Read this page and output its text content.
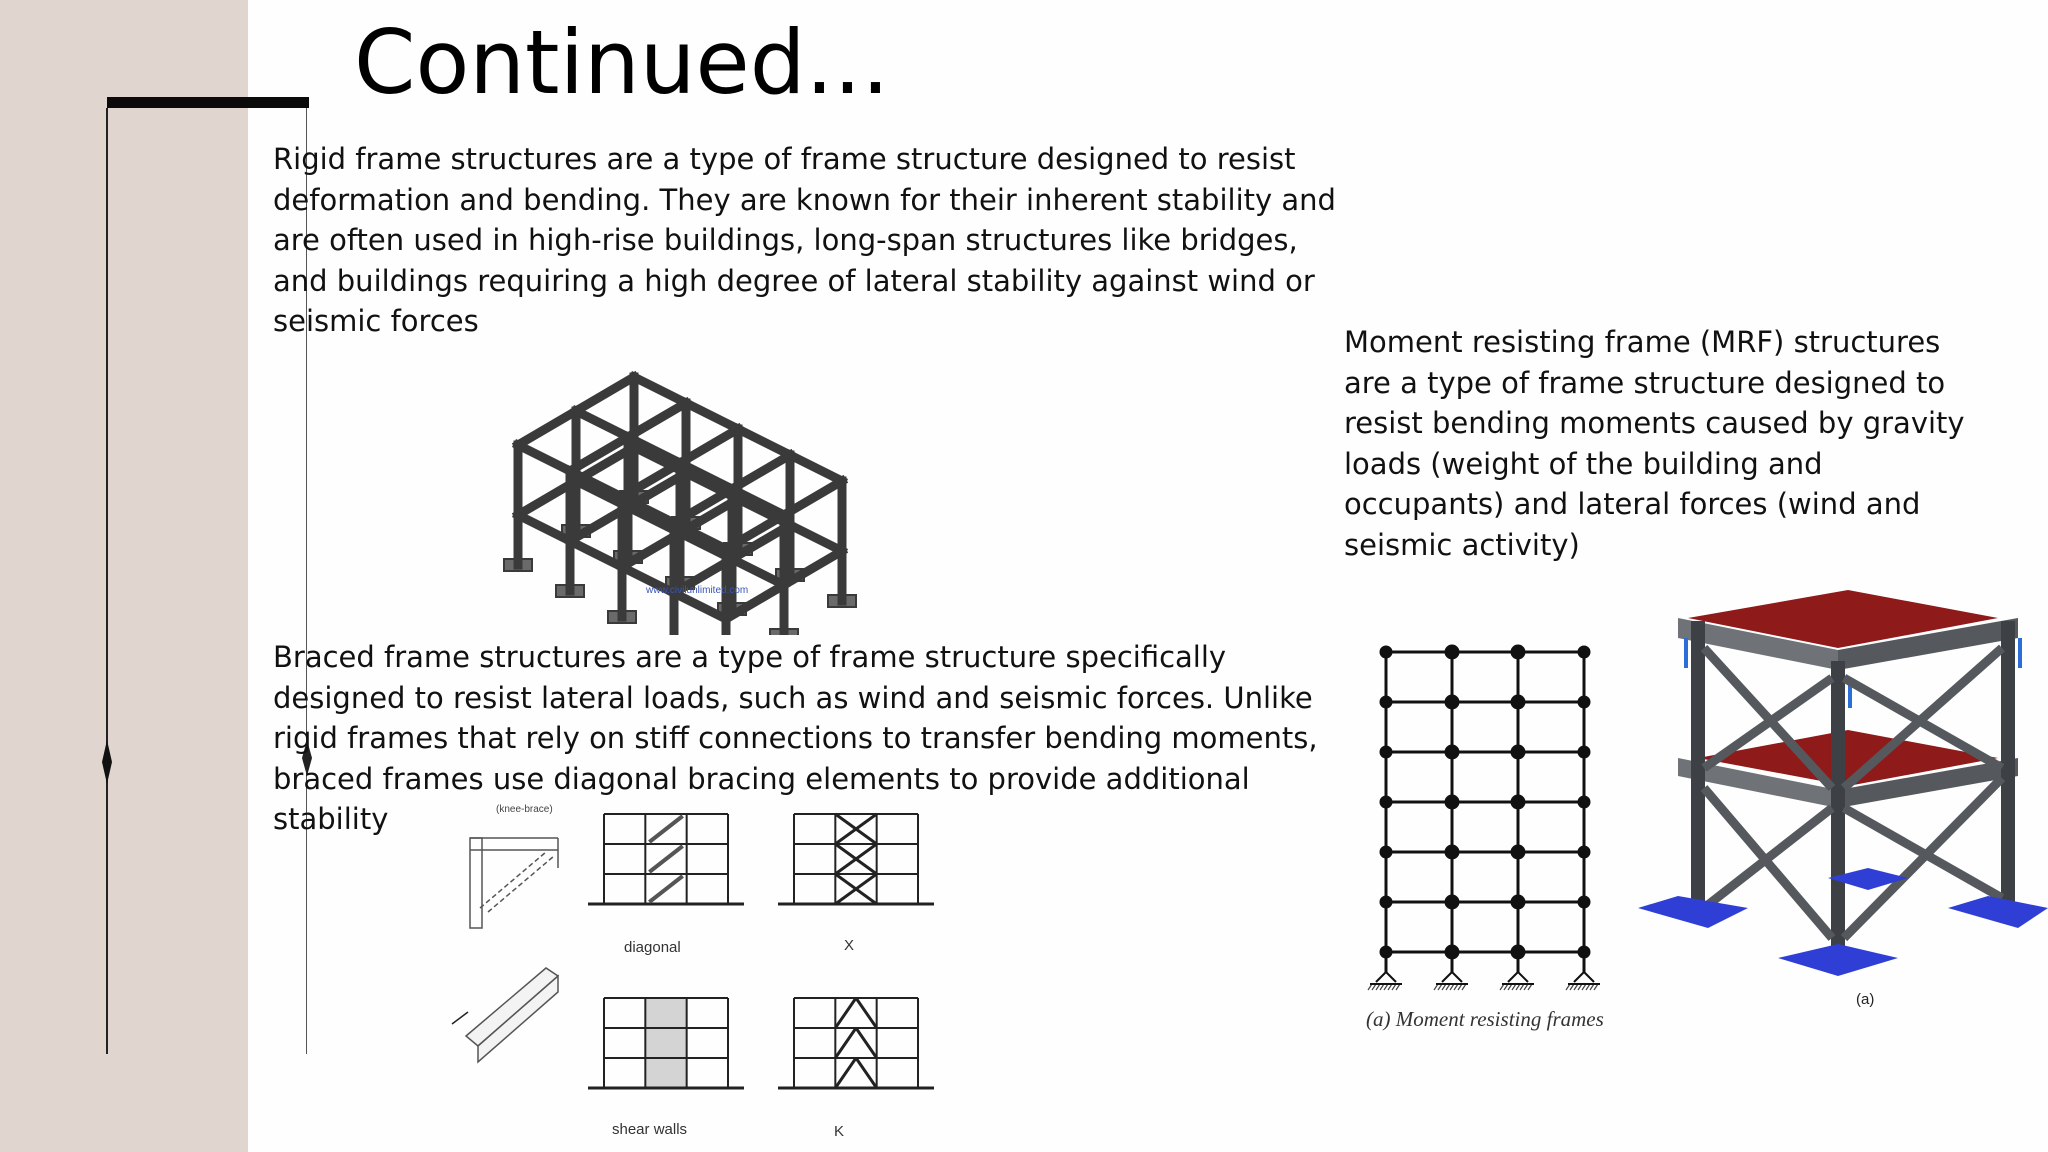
Continued...

Rigid frame structures are a type of frame structure designed to resist deformation and bending. They are known for their inherent stability and are often used in high-rise buildings, long-span structures like bridges, and buildings requiring a high degree of lateral stability against wind or seismic forces

Braced frame structures are a type of frame structure specifically designed to resist lateral loads, such as wind and seismic forces. Unlike rigid frames that rely on stiff connections to transfer bending moments, braced frames use diagonal bracing elements to provide additional stability

Moment resisting frame (MRF) structures are a type of frame structure designed to resist bending moments caused by gravity loads (weight of the building and occupants) and lateral forces (wind and seismic activity)

www.civilunlimited.com
(knee-brace)
diagonal	X
shear walls	K
(a) Moment resisting frames
(a)
